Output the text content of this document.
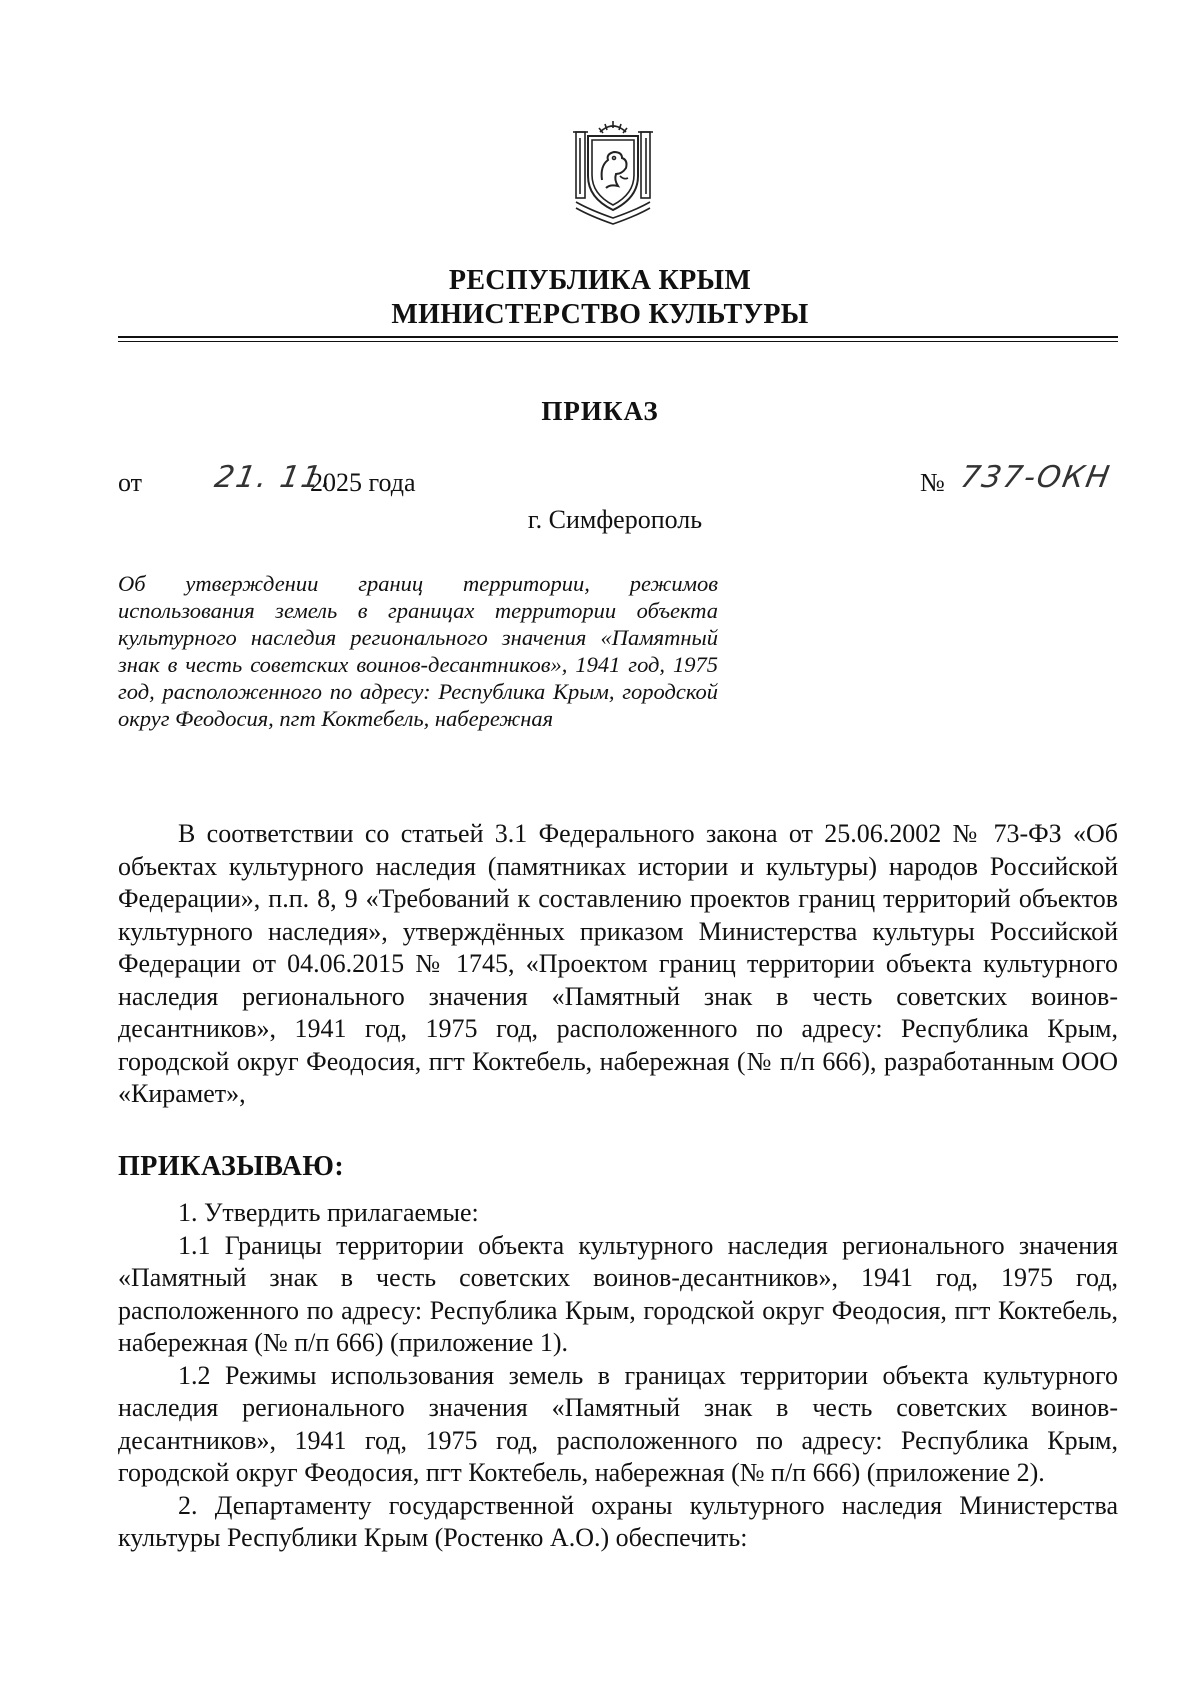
РЕСПУБЛИКА КРЫМ
МИНИСТЕРСТВО КУЛЬТУРЫ
ПРИКАЗ
от 21. 11.
2025 года	№ 737-ОКН
г. Симферополь
Об утверждении границ территории, режимов использования земель в границах территории объекта культурного наследия регионального значения «Памятный знак в честь советских воинов-десантников», 1941 год, 1975 год, расположенного по адресу: Республика Крым, городской округ Феодосия, пгт Коктебель, набережная

В соответствии со статьей 3.1 Федерального закона от 25.06.2002 № 73-ФЗ «Об объектах культурного наследия (памятниках истории и культуры) народов Российской Федерации», п.п. 8, 9 «Требований к составлению проектов границ территорий объектов культурного наследия», утверждённых приказом Министерства культуры Российской Федерации от 04.06.2015 № 1745, «Проектом границ территории объекта культурного наследия регионального значения «Памятный знак в честь советских воинов-десантников», 1941 год, 1975 год, расположенного по адресу: Республика Крым, городской округ Феодосия, пгт Коктебель, набережная (№ п/п 666), разработанным ООО «Кирамет»,

ПРИКАЗЫВАЮ:

1. Утвердить прилагаемые:

1.1 Границы территории объекта культурного наследия регионального значения «Памятный знак в честь советских воинов-десантников», 1941 год, 1975 год, расположенного по адресу: Республика Крым, городской округ Феодосия, пгт Коктебель, набережная (№ п/п 666) (приложение 1).

1.2 Режимы использования земель в границах территории объекта культурного наследия регионального значения «Памятный знак в честь советских воинов-десантников», 1941 год, 1975 год, расположенного по адресу: Республика Крым, городской округ Феодосия, пгт Коктебель, набережная (№ п/п 666) (приложение 2).

2. Департаменту государственной охраны культурного наследия Министерства культуры Республики Крым (Ростенко А.О.) обеспечить:
